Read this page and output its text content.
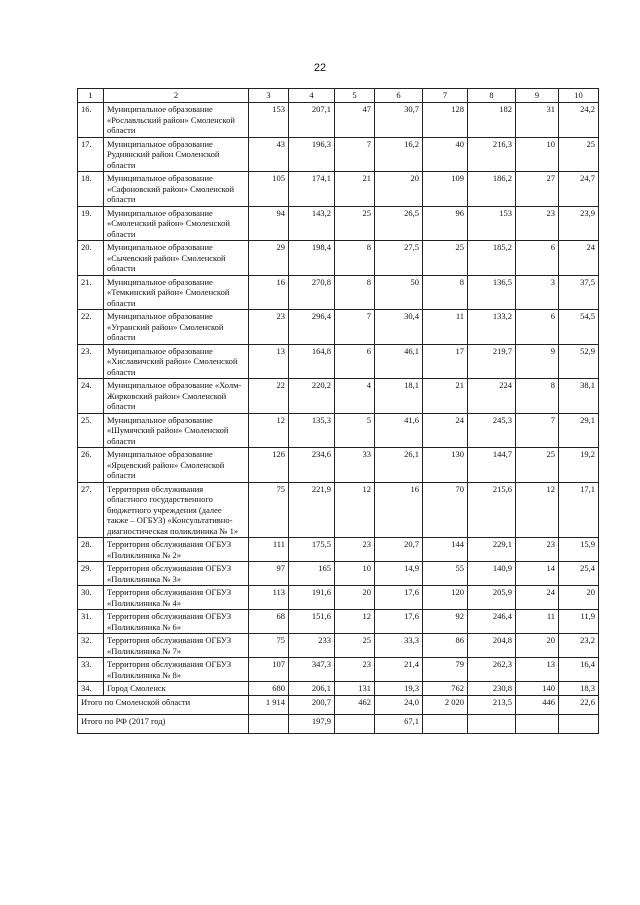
22
1	2	3	4	5	6	7	8	9	10
16.	Муниципальное образование «Рославльский район» Смоленской области	153	207,1	47	30,7	128	182	31	24,2
17.	Муниципальное образование Руднянский район Смоленской области	43	196,3	7	16,2	40	216,3	10	25
18.	Муниципальное образование «Сафоновский район» Смоленской области	105	174,1	21	20	109	186,2	27	24,7
19.	Муниципальное образование «Смоленский район» Смоленской области	94	143,2	25	26,5	96	153	23	23,9
20.	Муниципальное образование «Сычевский район» Смоленской области	29	198,4	8	27,5	25	185,2	6	24
21.	Муниципальное образование «Темкинский район» Смоленской области	16	270,8	8	50	8	136,5	3	37,5
22.	Муниципальное образование «Угранский район» Смоленской области	23	296,4	7	30,4	11	133,2	6	54,5
23.	Муниципальное образование «Хиславичский район» Смоленской области	13	164,8	6	46,1	17	219,7	9	52,9
24.	Муниципальное образование «Холм-Жирковский район» Смоленской области	22	220,2	4	18,1	21	224	8	38,1
25.	Муниципальное образование «Шумячский район» Смоленской области	12	135,3	5	41,6	24	245,3	7	29,1
26.	Муниципальное образование «Ярцевский район» Смоленской области	126	234,6	33	26,1	130	144,7	25	19,2
27.	Территория обслуживания областного государственного бюджетного учреждения (далее также – ОГБУЗ) «Консультативно-диагностическая поликлиника № 1»	75	221,9	12	16	70	215,6	12	17,1
28.	Территория обслуживания ОГБУЗ «Поликлиника № 2»	111	175,5	23	20,7	144	229,1	23	15,9
29.	Территория обслуживания ОГБУЗ «Поликлиника № 3»	97	165	10	14,9	55	140,9	14	25,4
30.	Территория обслуживания ОГБУЗ «Поликлиника № 4»	113	191,6	20	17,6	120	205,9	24	20
31.	Территория обслуживания ОГБУЗ «Поликлиника № 6»	68	151,6	12	17,6	92	246,4	11	11,9
32.	Территория обслуживания ОГБУЗ «Поликлиника № 7»	75	233	25	33,3	86	204,8	20	23,2
33.	Территория обслуживания ОГБУЗ «Поликлиника № 8»	107	347,3	23	21,4	79	262,3	13	16,4
34.	Город Смоленск	680	206,1	131	19,3	762	230,8	140	18,3
Итого по Смоленской области		1 914	200,7	462	24,0	2 020	213,5	446	22,6
Итого по РФ (2017 год)			197,9		67,1				
